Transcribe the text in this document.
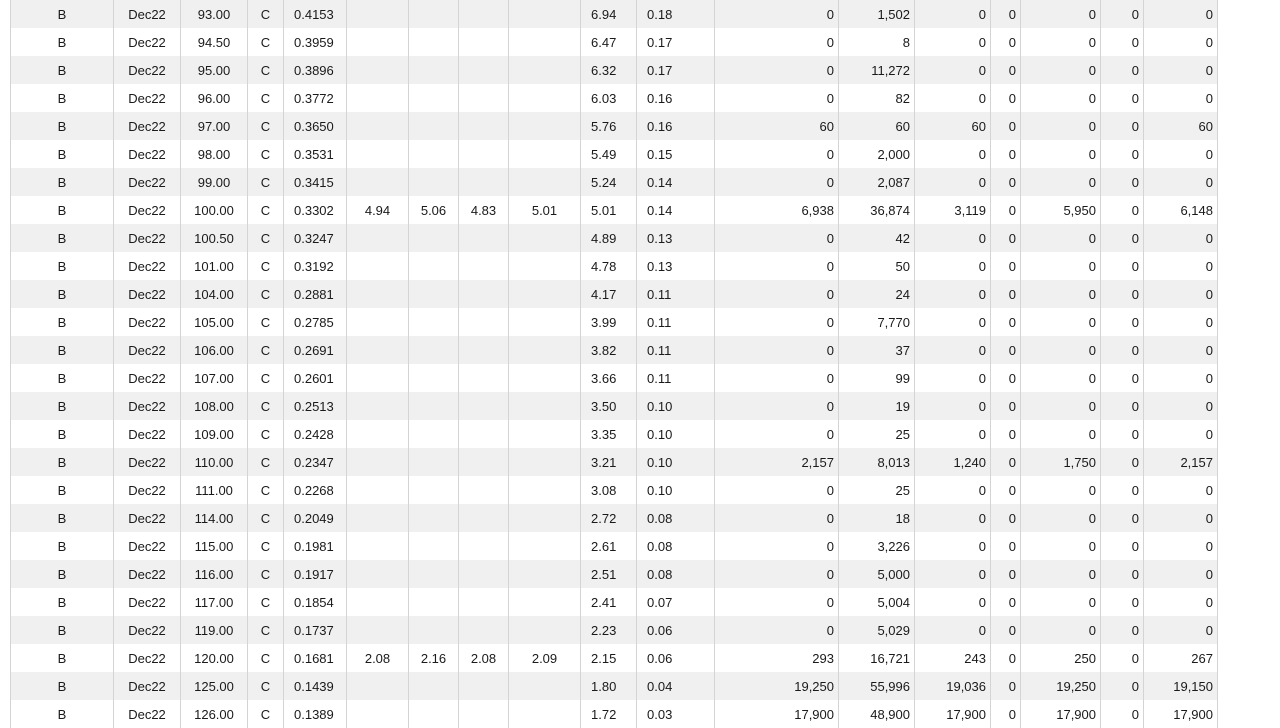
B	Dec22	93.00	C	0.4153					6.94	0.18	0	1,502	0	0	0	0	0
B	Dec22	94.50	C	0.3959					6.47	0.17	0	8	0	0	0	0	0
B	Dec22	95.00	C	0.3896					6.32	0.17	0	11,272	0	0	0	0	0
B	Dec22	96.00	C	0.3772					6.03	0.16	0	82	0	0	0	0	0
B	Dec22	97.00	C	0.3650					5.76	0.16	60	60	60	0	0	0	60
B	Dec22	98.00	C	0.3531					5.49	0.15	0	2,000	0	0	0	0	0
B	Dec22	99.00	C	0.3415					5.24	0.14	0	2,087	0	0	0	0	0
B	Dec22	100.00	C	0.3302	4.94	5.06	4.83	5.01	5.01	0.14	6,938	36,874	3,119	0	5,950	0	6,148
B	Dec22	100.50	C	0.3247					4.89	0.13	0	42	0	0	0	0	0
B	Dec22	101.00	C	0.3192					4.78	0.13	0	50	0	0	0	0	0
B	Dec22	104.00	C	0.2881					4.17	0.11	0	24	0	0	0	0	0
B	Dec22	105.00	C	0.2785					3.99	0.11	0	7,770	0	0	0	0	0
B	Dec22	106.00	C	0.2691					3.82	0.11	0	37	0	0	0	0	0
B	Dec22	107.00	C	0.2601					3.66	0.11	0	99	0	0	0	0	0
B	Dec22	108.00	C	0.2513					3.50	0.10	0	19	0	0	0	0	0
B	Dec22	109.00	C	0.2428					3.35	0.10	0	25	0	0	0	0	0
B	Dec22	110.00	C	0.2347					3.21	0.10	2,157	8,013	1,240	0	1,750	0	2,157
B	Dec22	111.00	C	0.2268					3.08	0.10	0	25	0	0	0	0	0
B	Dec22	114.00	C	0.2049					2.72	0.08	0	18	0	0	0	0	0
B	Dec22	115.00	C	0.1981					2.61	0.08	0	3,226	0	0	0	0	0
B	Dec22	116.00	C	0.1917					2.51	0.08	0	5,000	0	0	0	0	0
B	Dec22	117.00	C	0.1854					2.41	0.07	0	5,004	0	0	0	0	0
B	Dec22	119.00	C	0.1737					2.23	0.06	0	5,029	0	0	0	0	0
B	Dec22	120.00	C	0.1681	2.08	2.16	2.08	2.09	2.15	0.06	293	16,721	243	0	250	0	267
B	Dec22	125.00	C	0.1439					1.80	0.04	19,250	55,996	19,036	0	19,250	0	19,150
B	Dec22	126.00	C	0.1389					1.72	0.03	17,900	48,900	17,900	0	17,900	0	17,900
